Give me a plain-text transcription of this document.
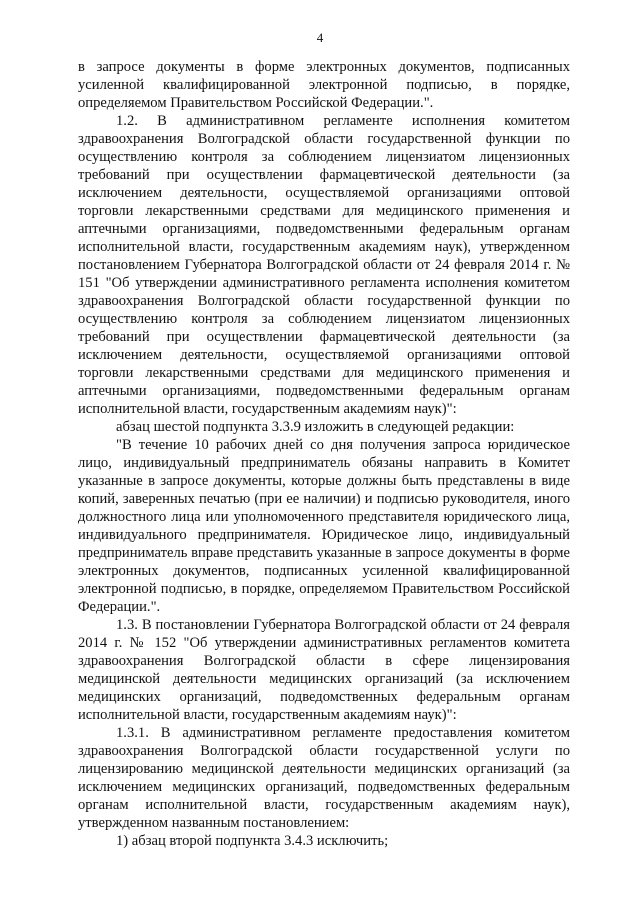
4

в запросе документы в форме электронных документов, подписанных усиленной квалифицированной электронной подписью, в порядке, определяемом Правительством Российской Федерации.".

1.2. В административном регламенте исполнения комитетом здравоохранения Волгоградской области государственной функции по осуществлению контроля за соблюдением лицензиатом лицензионных требований при осуществлении фармацевтической деятельности (за исключением деятельности, осуществляемой организациями оптовой торговли лекарственными средствами для медицинского применения и аптечными организациями, подведомственными федеральным органам исполнительной власти, государственным академиям наук), утвержденном постановлением Губернатора Волгоградской области от 24 февраля 2014 г. № 151 "Об утверждении административного регламента исполнения комитетом здравоохранения Волгоградской области государственной функции по осуществлению контроля за соблюдением лицензиатом лицензионных требований при осуществлении фармацевтической деятельности (за исключением деятельности, осуществляемой организациями оптовой торговли лекарственными средствами для медицинского применения и аптечными организациями, подведомственными федеральным органам исполнительной власти, государственным академиям наук)":

абзац шестой подпункта 3.3.9 изложить в следующей редакции:

"В течение 10 рабочих дней со дня получения запроса юридическое лицо, индивидуальный предприниматель обязаны направить в Комитет указанные в запросе документы, которые должны быть представлены в виде копий, заверенных печатью (при ее наличии) и подписью руководителя, иного должностного лица или уполномоченного представителя юридического лица, индивидуального предпринимателя. Юридическое лицо, индивидуальный предприниматель вправе представить указанные в запросе документы в форме электронных документов, подписанных усиленной квалифицированной электронной подписью, в порядке, определяемом Правительством Российской Федерации.".

1.3. В постановлении Губернатора Волгоградской области от 24 февраля 2014 г. № 152 "Об утверждении административных регламентов комитета здравоохранения Волгоградской области в сфере лицензирования медицинской деятельности медицинских организаций (за исключением медицинских организаций, подведомственных федеральным органам исполнительной власти, государственным академиям наук)":

1.3.1. В административном регламенте предоставления комитетом здравоохранения Волгоградской области государственной услуги по лицензированию медицинской деятельности медицинских организаций (за исключением медицинских организаций, подведомственных федеральным органам исполнительной власти, государственным академиям наук), утвержденном названным постановлением:

1) абзац второй подпункта 3.4.3 исключить;
